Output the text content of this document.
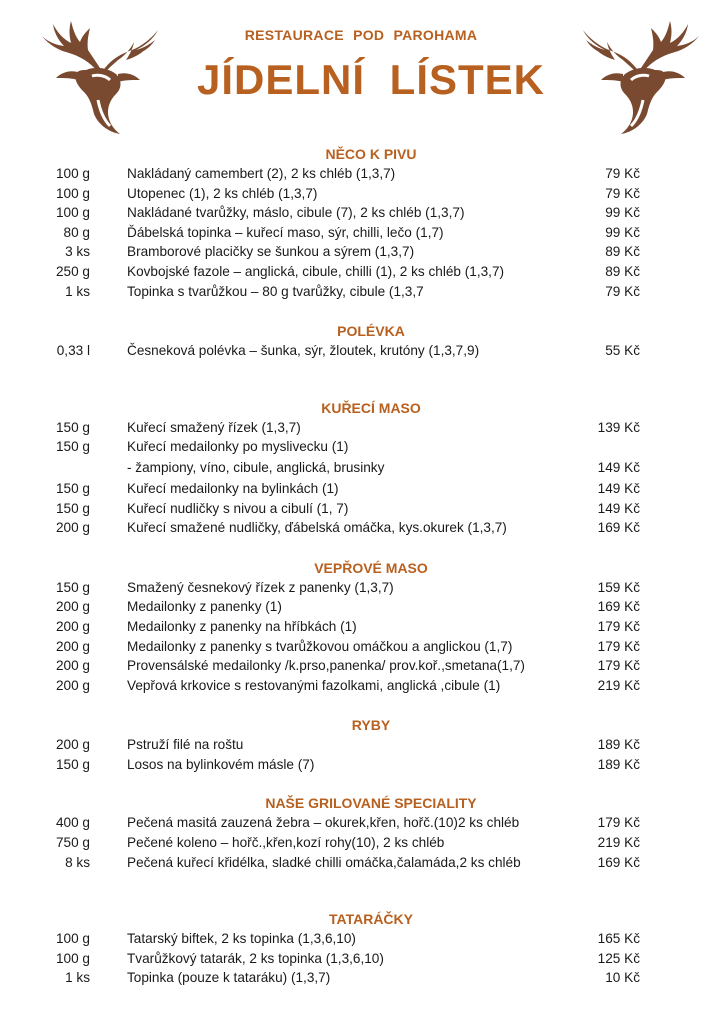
RESTAURACE POD PAROHAMA
JÍDELNÍ LÍSTEK
NĚCO K PIVU
100 g	Nakládaný camembert (2), 2 ks chléb (1,3,7)	79 Kč
100 g	Utopenec (1), 2 ks chléb (1,3,7)	79 Kč
100 g	Nakládané tvarůžky, máslo, cibule (7), 2 ks chléb (1,3,7)	99 Kč
80 g	Ďábelská topinka – kuřecí maso, sýr, chilli, lečo (1,7)	99 Kč
3 ks	Bramborové placičky se šunkou a sýrem (1,3,7)	89 Kč
250 g	Kovbojské fazole – anglická, cibule, chilli (1), 2 ks chléb (1,3,7)	89 Kč
1 ks	Topinka s tvarůžkou – 80 g tvarůžky, cibule (1,3,7	79 Kč
POLÉVKA
0,33 l	Česneková polévka – šunka, sýr, žloutek, krutóny (1,3,7,9)	55 Kč
KUŘECÍ MASO
150 g	Kuřecí smažený řízek (1,3,7)	139 Kč
150 g	Kuřecí medailonky po myslivecku (1)
- žampiony, víno, cibule, anglická, brusinky	149 Kč
150 g	Kuřecí medailonky na bylinkách (1)	149 Kč
150 g	Kuřecí nudličky s nivou a cibulí (1, 7)	149 Kč
200 g	Kuřecí smažené nudličky, ďábelská omáčka, kys.okurek (1,3,7)	169 Kč
VEPŘOVÉ MASO
150 g	Smažený česnekový řízek z panenky (1,3,7)	159 Kč
200 g	Medailonky z panenky (1)	169 Kč
200 g	Medailonky z panenky na hříbkách (1)	179 Kč
200 g	Medailonky z panenky s tvarůžkovou omáčkou a anglickou (1,7)	179 Kč
200 g	Provensálské medailonky /k.prso,panenka/ prov.koř.,smetana(1,7)	179 Kč
200 g	Vepřová krkovice s restovanými fazolkami, anglická ,cibule (1)	219 Kč
RYBY
200 g	Pstruží filé na roštu	189 Kč
150 g	Losos na bylinkovém másle (7)	189 Kč
NAŠE GRILOVANÉ SPECIALITY
400 g	Pečená masitá zauzená žebra – okurek,křen, hořč.(10)2 ks chléb	179 Kč
750 g	Pečené koleno – hořč.,křen,kozí rohy(10), 2 ks chléb	219 Kč
8 ks	Pečená kuřecí křidélka, sladké chilli omáčka,čalamáda,2 ks chléb	169 Kč
TATARÁČKY
100 g	Tatarský biftek, 2 ks topinka (1,3,6,10)	165 Kč
100 g	Tvarůžkový tatarák, 2 ks topinka (1,3,6,10)	125 Kč
1 ks	Topinka (pouze k tataráku) (1,3,7)	10 Kč
